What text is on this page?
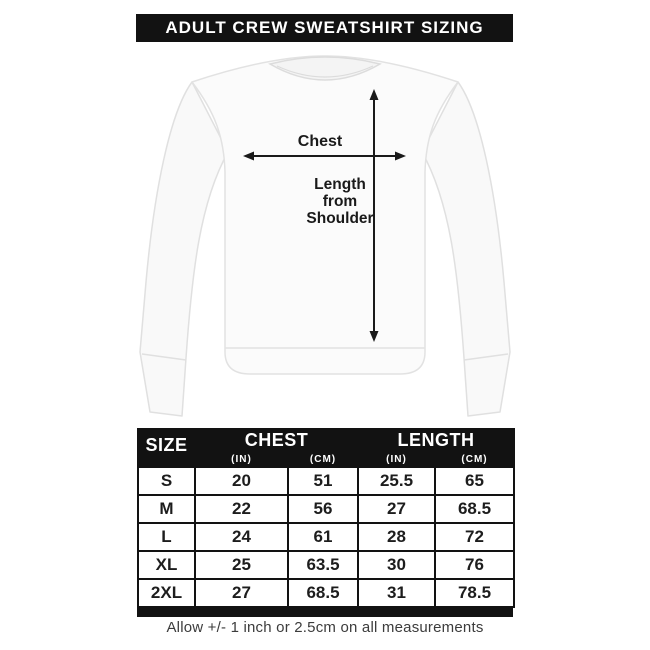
ADULT CREW SWEATSHIRT SIZING
Chest
Length from Shoulder
SIZE	CHEST		LENGTH	
	(IN)	(CM)	(IN)	(CM)
S	20	51	25.5	65
M	22	56	27	68.5
L	24	61	28	72
XL	25	63.5	30	76
2XL	27	68.5	31	78.5
Allow +/- 1 inch or 2.5cm on all measurements
